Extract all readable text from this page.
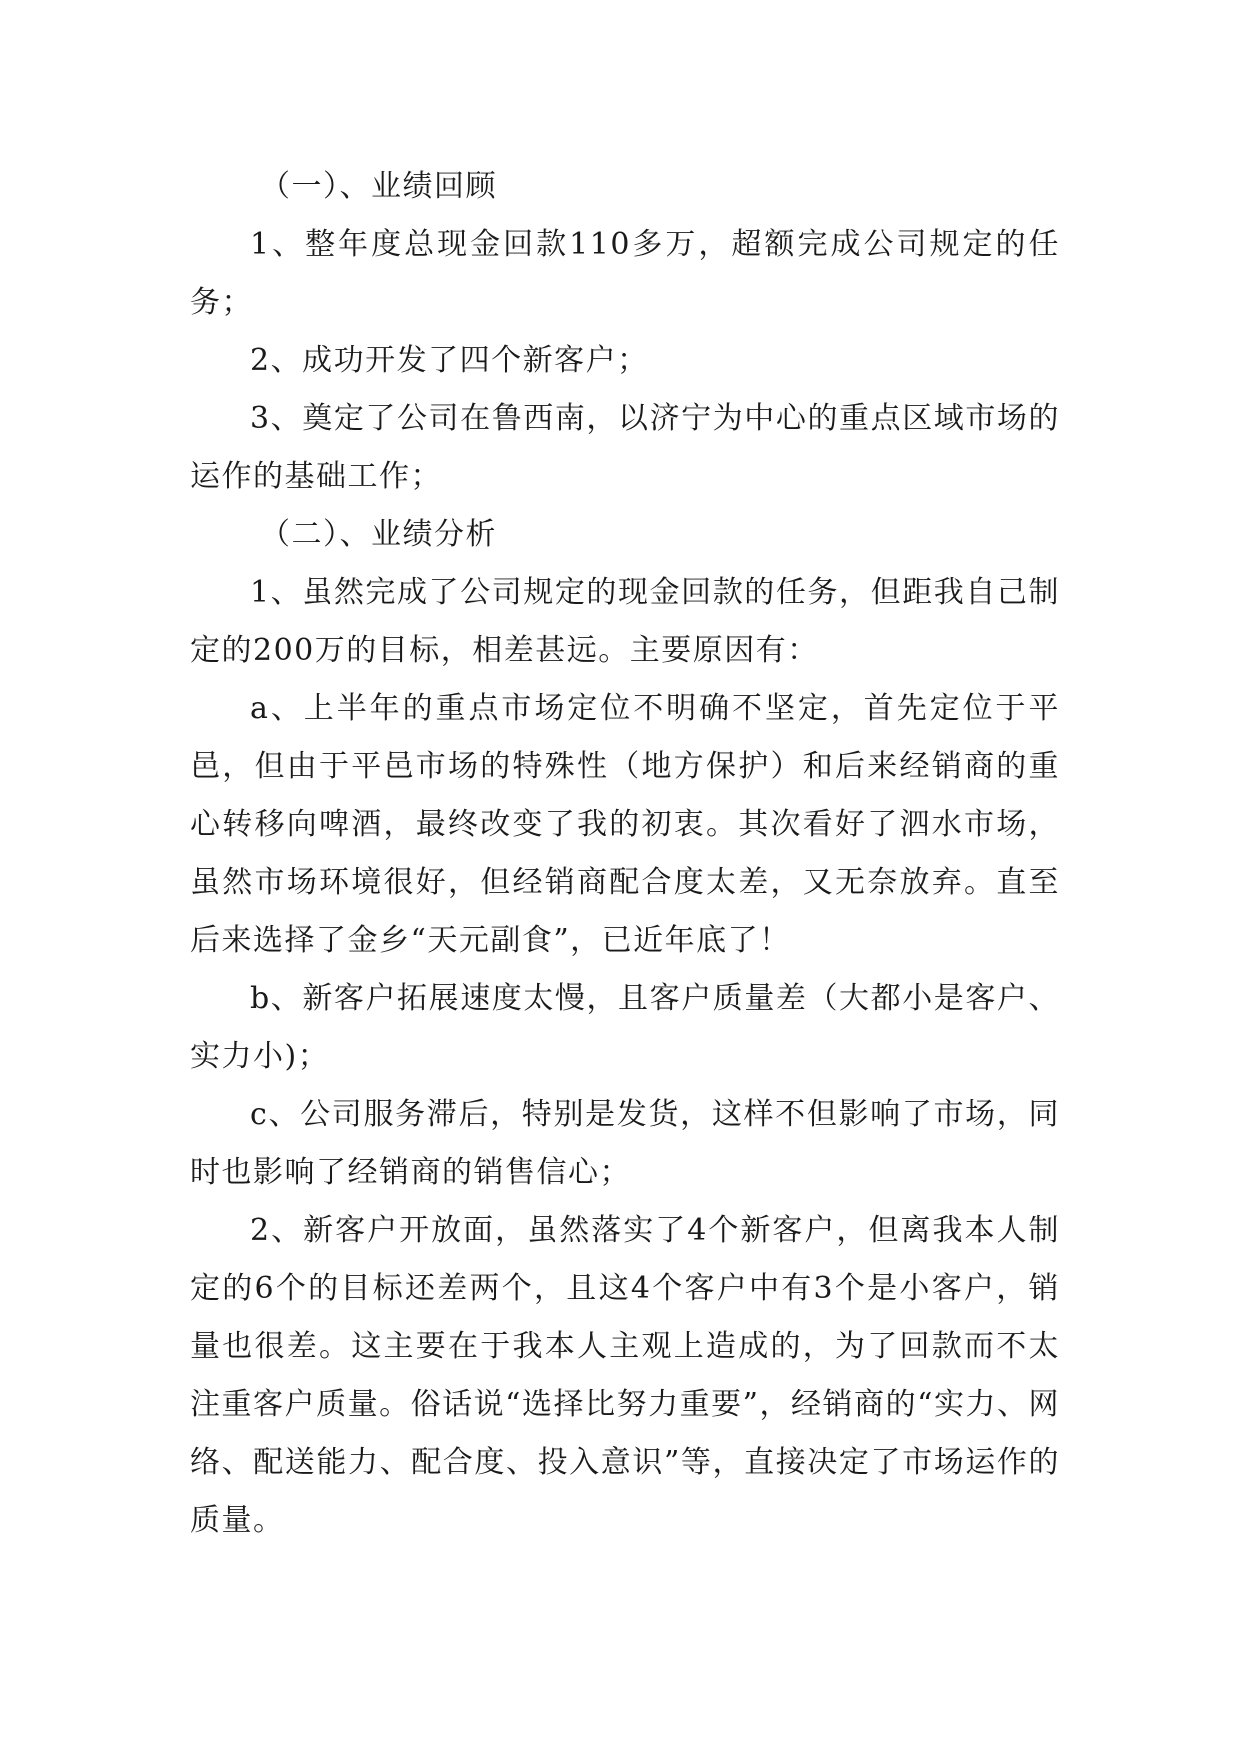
（一）、业绩回顾

1、整年度总现金回款110多万，超额完成公司规定的任务；

2、成功开发了四个新客户；

3、奠定了公司在鲁西南，以济宁为中心的重点区域市场的运作的基础工作；

（二）、业绩分析

1、虽然完成了公司规定的现金回款的任务，但距我自己制定的200万的目标，相差甚远。主要原因有：

a、上半年的重点市场定位不明确不坚定，首先定位于平邑，但由于平邑市场的特殊性（地方保护）和后来经销商的重心转移向啤酒，最终改变了我的初衷。其次看好了泗水市场，虽然市场环境很好，但经销商配合度太差，又无奈放弃。直至后来选择了金乡“天元副食”，已近年底了！

b、新客户拓展速度太慢，且客户质量差（大都小是客户、实力小)；

c、公司服务滞后，特别是发货，这样不但影响了市场，同时也影响了经销商的销售信心；

2、新客户开放面，虽然落实了4个新客户，但离我本人制定的6个的目标还差两个，且这4个客户中有3个是小客户，销量也很差。这主要在于我本人主观上造成的，为了回款而不太注重客户质量。俗话说“选择比努力重要”，经销商的“实力、网络、配送能力、配合度、投入意识”等，直接决定了市场运作的质量。
